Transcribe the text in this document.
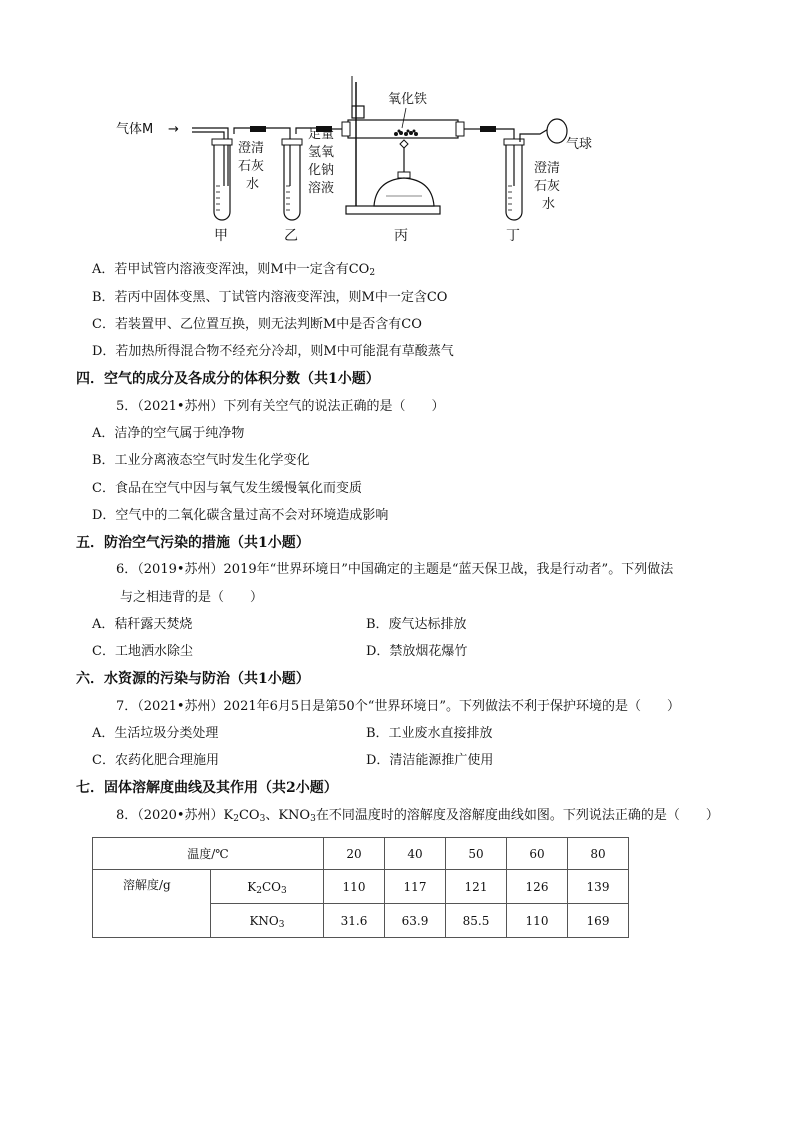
气体M →
氧化铁
气球
澄清
石灰
水
足量
氢氧
化钠
溶液
澄清
石灰
水
甲	乙	丙	丁
A．若甲试管内溶液变浑浊，则M中一定含有$CO_2$
B．若丙中固体变黑、丁试管内溶液变浑浊，则M中一定含CO
C．若装置甲、乙位置互换，则无法判断M中是否含有CO
D．若加热所得混合物不经充分冷却，则M中可能混有草酸蒸气
四．空气的成分及各成分的体积分数（共1小题）
5．（2021•苏州）下列有关空气的说法正确的是（　　）
A．洁净的空气属于纯净物
B．工业分离液态空气时发生化学变化
C．食品在空气中因与氧气发生缓慢氧化而变质
D．空气中的二氧化碳含量过高不会对环境造成影响
五．防治空气污染的措施（共1小题）
6．（2019•苏州）2019年“世界环境日”中国确定的主题是“蓝天保卫战，我是行动者”。下列做法
与之相违背的是（　　）
A．秸秆露天焚烧	B．废气达标排放
C．工地洒水除尘	D．禁放烟花爆竹
六．水资源的污染与防治（共1小题）
7．（2021•苏州）2021年6月5日是第50个“世界环境日”。下列做法不利于保护环境的是（　　）
A．生活垃圾分类处理	B．工业废水直接排放
C．农药化肥合理施用	D．清洁能源推广使用
七．固体溶解度曲线及其作用（共2小题）
8．（2020•苏州）$K_2CO_3$、$KNO_3$在不同温度时的溶解度及溶解度曲线如图。下列说法正确的是（　　）
温度/℃		20	40	50	60	80
溶解度/g	$K_2CO_3$	110	117	121	126	139
	$KNO_3$	31.6	63.9	85.5	110	169
